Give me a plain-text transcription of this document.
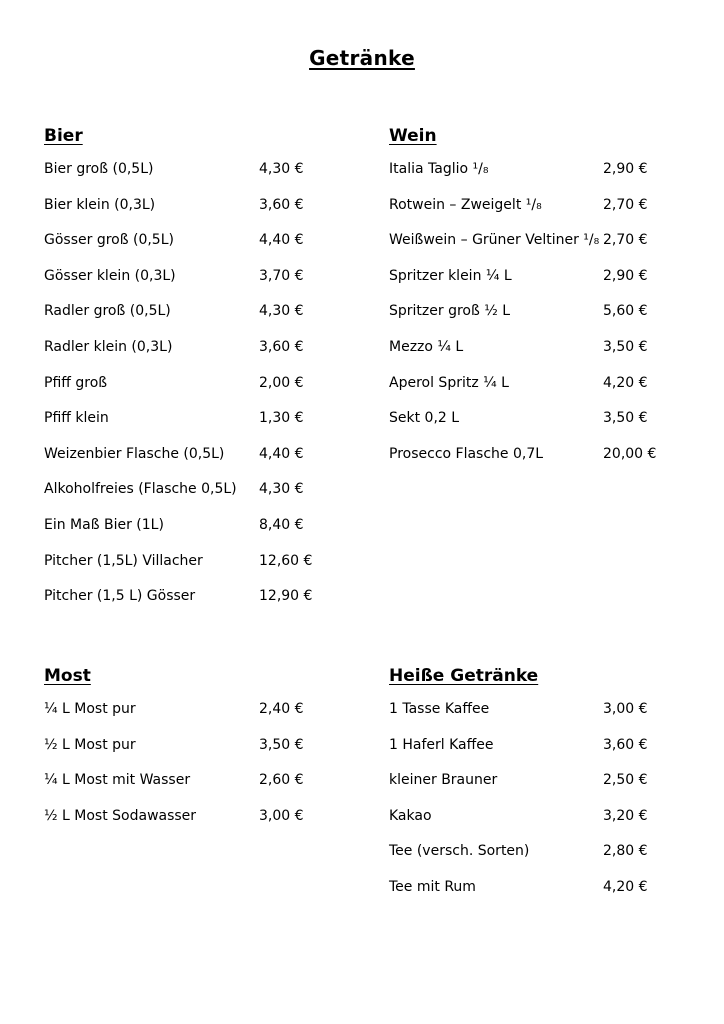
Getränke
Bier
Bier groß (0,5L)	4,30 €
Bier klein (0,3L)	3,60 €
Gösser groß (0,5L)	4,40 €
Gösser klein (0,3L)	3,70 €
Radler groß (0,5L)	4,30 €
Radler klein (0,3L)	3,60 €
Pfiff groß	2,00 €
Pfiff klein	1,30 €
Weizenbier Flasche (0,5L) 4,40 €
Alkoholfreies (Flasche 0,5L) 4,30 €
Ein Maß Bier (1L)	8,40 €
Pitcher (1,5L) Villacher	12,60 €
Pitcher (1,5 L) Gösser	12,90 €
Wein
Italia Taglio ¹/₈	2,90 €
Rotwein – Zweigelt ¹/₈	2,70 €
Weißwein – Grüner Veltiner ¹/₈ 2,70 €
Spritzer klein ¼ L	2,90 €
Spritzer groß ½ L	5,60 €
Mezzo ¼ L	3,50 €
Aperol Spritz ¼ L	4,20 €
Sekt 0,2 L	3,50 €
Prosecco Flasche 0,7L	20,00 €
Most
¼ L Most pur	2,40 €
½ L Most pur	3,50 €
¼ L Most mit Wasser	2,60 €
½ L Most Sodawasser	3,00 €
Heiße Getränke
1 Tasse Kaffee	3,00 €
1 Haferl Kaffee	3,60 €
kleiner Brauner	2,50 €
Kakao	3,20 €
Tee (versch. Sorten)	2,80 €
Tee mit Rum	4,20 €
